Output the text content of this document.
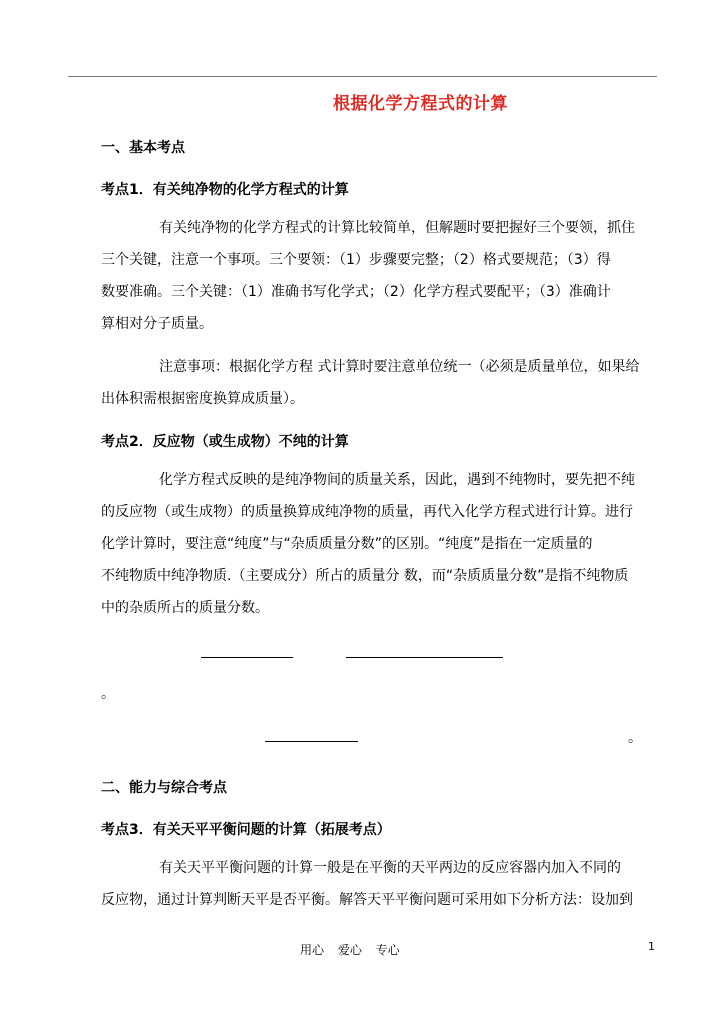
根据化学方程式的计算
一、基本考点
考点1．有关纯净物的化学方程式的计算
有关纯净物的化学方程式的计算比较简单，但解题时要把握好三个要领，抓住
三个关键，注意一个事项。三个要领：（1）步骤要完整；（2）格式要规范；（3）得
数要准确。三个关键：（1）准确书写化学式；（2）化学方程式要配平；（3）准确计
算相对分子质量。
注意事项：根据化学方程 式计算时要注意单位统一（必须是质量单位，如果给
出体积需根据密度换算成质量）。
考点2．反应物（或生成物）不纯的计算
化学方程式反映的是纯净物间的质量关系，因此，遇到不纯物时，要先把不纯
的反应物（或生成物）的质量换算成纯净物的质量，再代入化学方程式进行计算。进行
化学计算时，要注意“纯度”与“杂质质量分数”的区别。“纯度”是指在一定质量的
不纯物质中纯净物质.（主要成分）所占的质量分 数，而“杂质质量分数”是指不纯物质
中的杂质所占的质量分数。
。
。
二、能力与综合考点
考点3．有关天平平衡问题的计算（拓展考点）
有关天平平衡问题的计算一般是在平衡的天平两边的反应容器内加入不同的
反应物，通过计算判断天平是否平衡。解答天平平衡问题可采用如下分析方法：设加到
用心 爱心 专心	1
